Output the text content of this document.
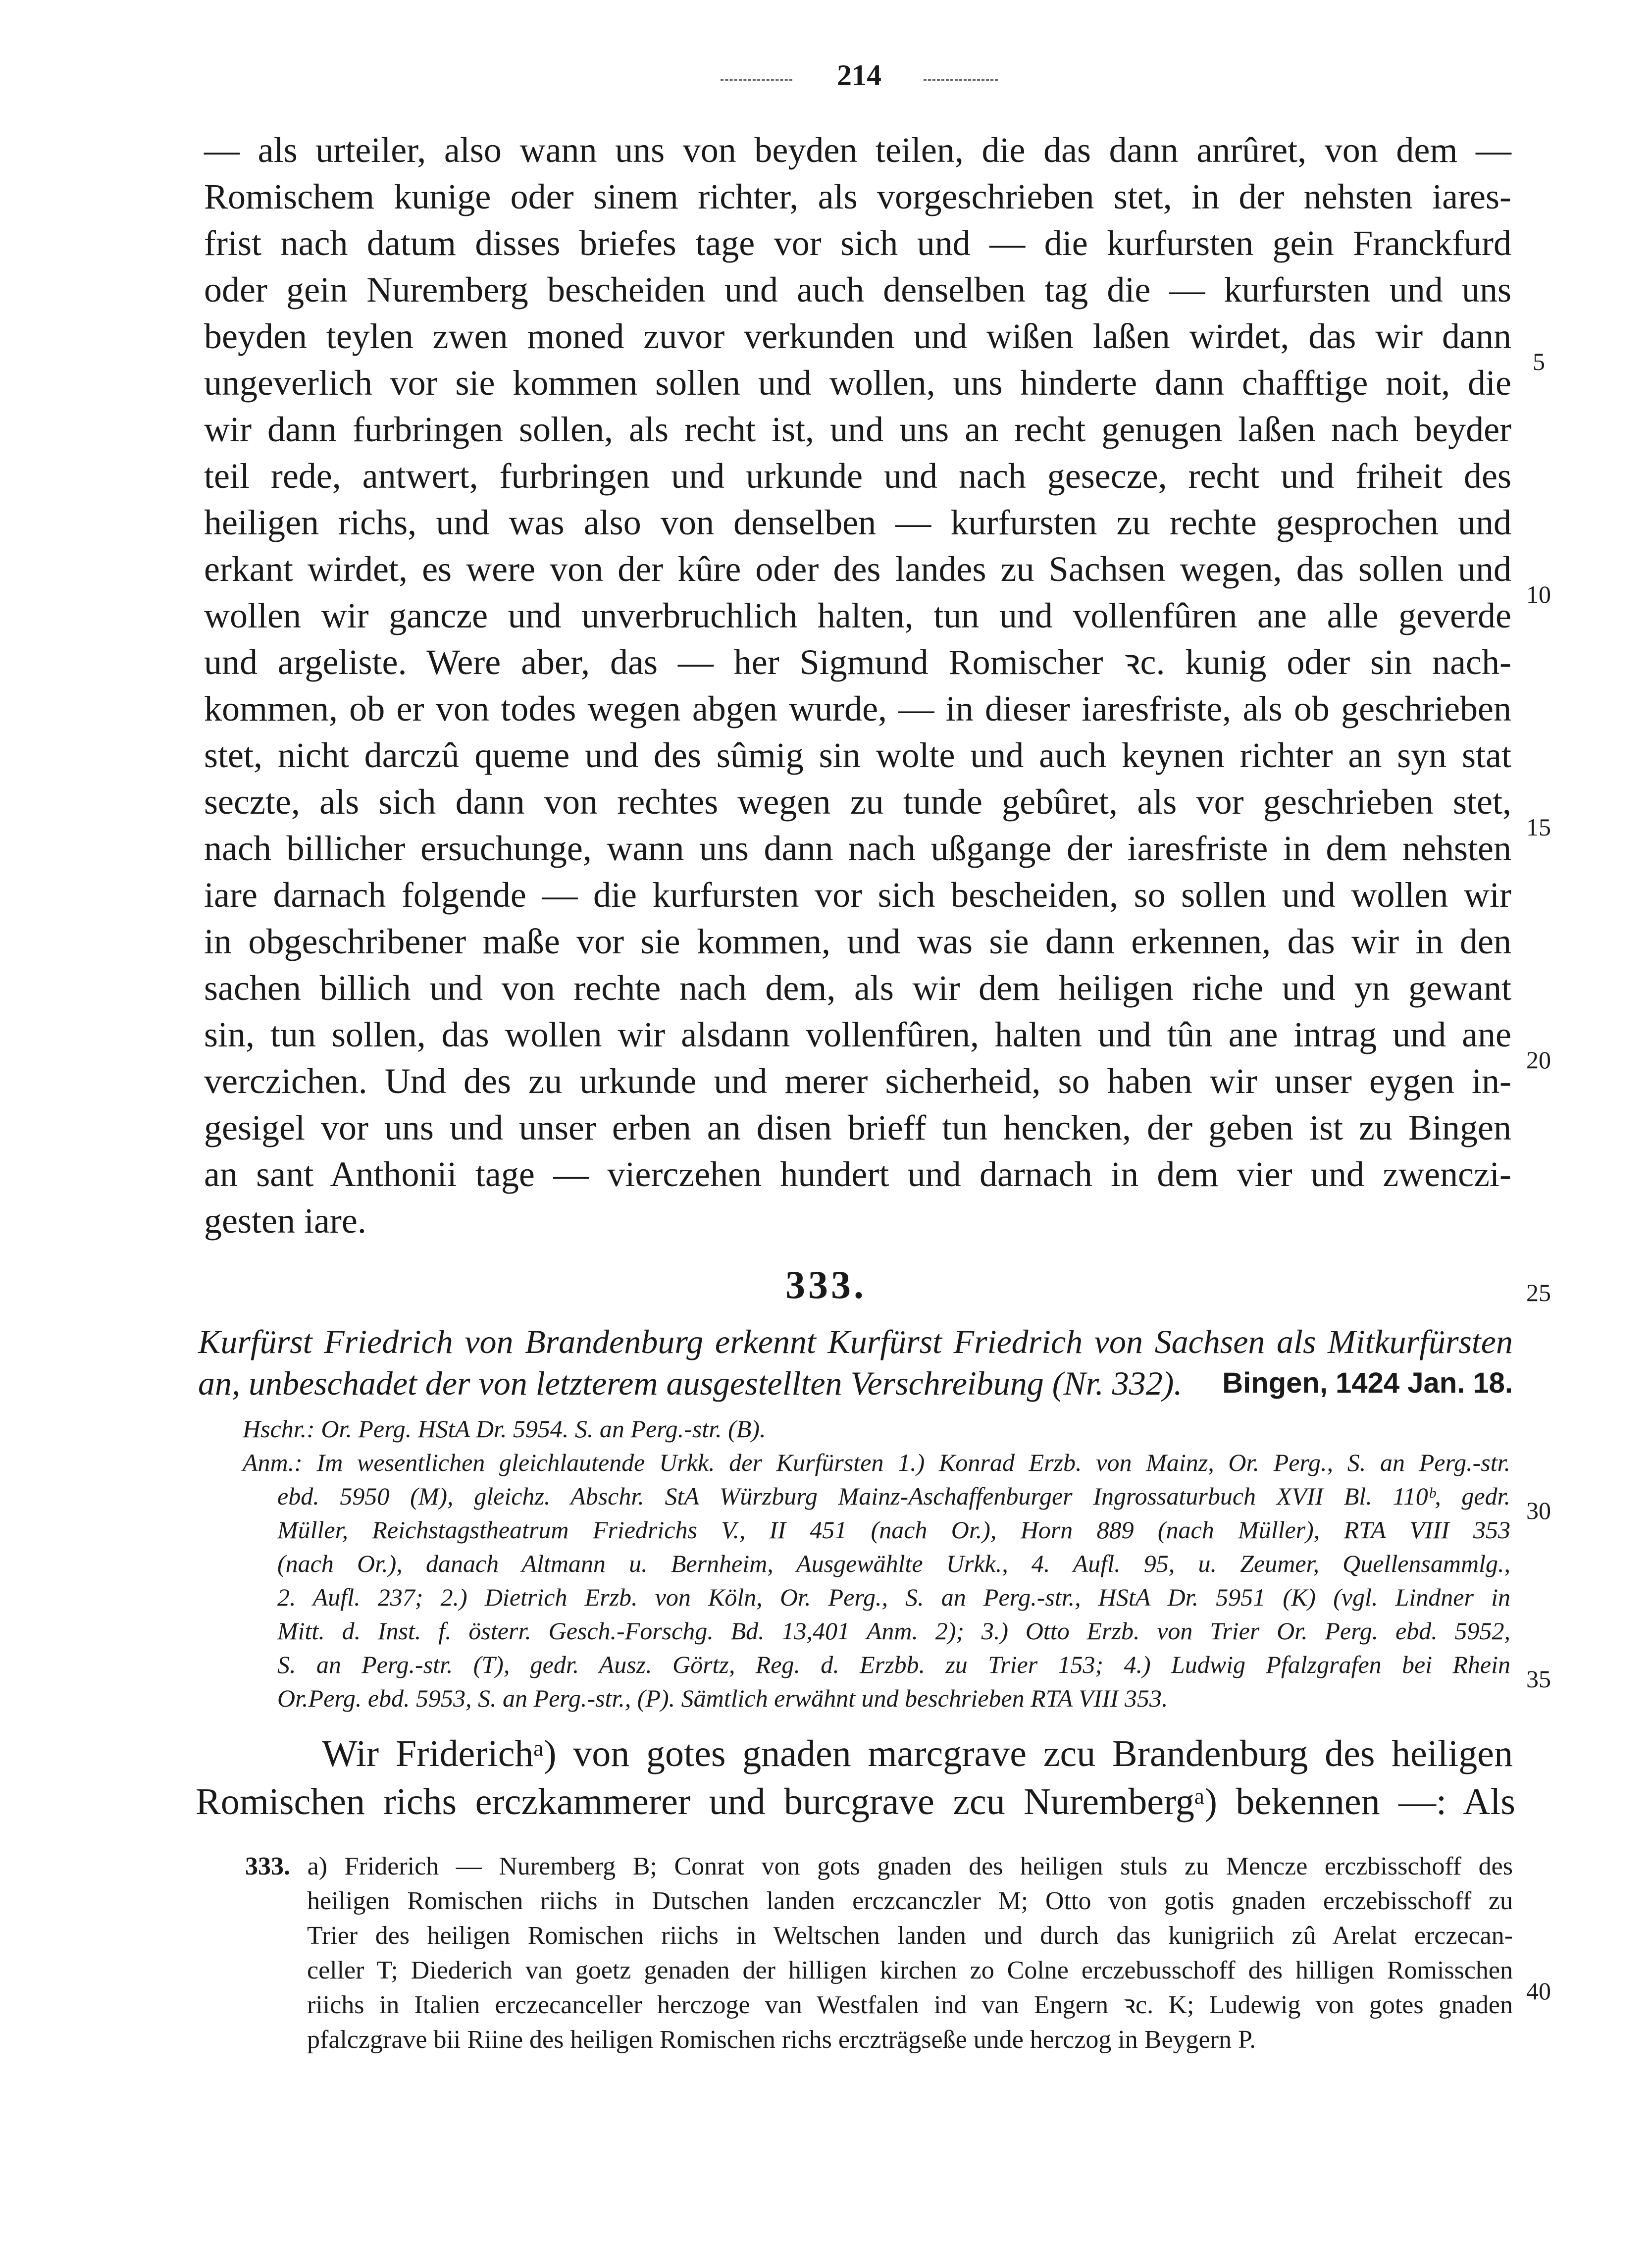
214
— als urteiler, also wann uns von beyden teilen, die das dann anrûret, von dem —
Romischem kunige oder sinem richter, als vorgeschrieben stet, in der nehsten iares-
frist nach datum disses briefes tage vor sich und — die kurfursten gein Franckfurd
oder gein Nuremberg bescheiden und auch denselben tag die — kurfursten und uns
beyden teylen zwen moned zuvor verkunden und wißen laßen wirdet, das wir dann
ungeverlich vor sie kommen sollen und wollen, uns hinderte dann chafftige noit, die
wir dann furbringen sollen, als recht ist, und uns an recht genugen laßen nach beyder
teil rede, antwert, furbringen und urkunde und nach gesecze, recht und friheit des
heiligen richs, und was also von denselben — kurfursten zu rechte gesprochen und
erkant wirdet, es were von der kûre oder des landes zu Sachsen wegen, das sollen und
wollen wir gancze und unverbruchlich halten, tun und vollenfûren ane alle geverde
und argeliste. Were aber, das — her Sigmund Romischer ꝛc. kunig oder sin nach-
kommen, ob er von todes wegen abgen wurde, — in dieser iaresfriste, als ob geschrieben
stet, nicht darczû queme und des sûmig sin wolte und auch keynen richter an syn stat
seczte, als sich dann von rechtes wegen zu tunde gebûret, als vor geschrieben stet,
nach billicher ersuchunge, wann uns dann nach ußgange der iaresfriste in dem nehsten
iare darnach folgende — die kurfursten vor sich bescheiden, so sollen und wollen wir
in obgeschribener maße vor sie kommen, und was sie dann erkennen, das wir in den
sachen billich und von rechte nach dem, als wir dem heiligen riche und yn gewant
sin, tun sollen, das wollen wir alsdann vollenfûren, halten und tûn ane intrag und ane
verczichen. Und des zu urkunde und merer sicherheid, so haben wir unser eygen in-
gesigel vor uns und unser erben an disen brieff tun hencken, der geben ist zu Bingen
an sant Anthonii tage — vierczehen hundert und darnach in dem vier und zwenczi-
gesten iare.
5
10
15
20
25
30
35
40
333.
Kurfürst Friedrich von Brandenburg erkennt Kurfürst Friedrich von Sachsen als Mitkurfürsten
an, unbeschadet der von letzterem ausgestellten Verschreibung (Nr. 332). Bingen, 1424 Jan. 18.
Hschr.: Or. Perg. HStA Dr. 5954. S. an Perg.-str. (B).
Anm.: Im wesentlichen gleichlautende Urkk. der Kurfürsten 1.) Konrad Erzb. von Mainz, Or. Perg., S. an Perg.-str.
ebd. 5950 (M), gleichz. Abschr. StA Würzburg Mainz-Aschaffenburger Ingrossaturbuch XVII Bl. 110ᵇ, gedr.
Müller, Reichstagstheatrum Friedrichs V., II 451 (nach Or.), Horn 889 (nach Müller), RTA VIII 353
(nach Or.), danach Altmann u. Bernheim, Ausgewählte Urkk., 4. Aufl. 95, u. Zeumer, Quellensammlg.,
2. Aufl. 237; 2.) Dietrich Erzb. von Köln, Or. Perg., S. an Perg.-str., HStA Dr. 5951 (K) (vgl. Lindner in
Mitt. d. Inst. f. österr. Gesch.-Forschg. Bd. 13,401 Anm. 2); 3.) Otto Erzb. von Trier Or. Perg. ebd. 5952,
S. an Perg.-str. (T), gedr. Ausz. Görtz, Reg. d. Erzbb. zu Trier 153; 4.) Ludwig Pfalzgrafen bei Rhein
Or.Perg. ebd. 5953, S. an Perg.-str., (P). Sämtlich erwähnt und beschrieben RTA VIII 353.
Wir Friderichᵃ) von gotes gnaden marcgrave zcu Brandenburg des heiligen
Romischen richs erczkammerer und burcgrave zcu Nurembergᵃ) bekennen —: Als
333. a) Friderich — Nuremberg B; Conrat von gots gnaden des heiligen stuls zu Mencze erczbisschoff des
heiligen Romischen riichs in Dutschen landen erczcanczler M; Otto von gotis gnaden erczebisschoff zu
Trier des heiligen Romischen riichs in Weltschen landen und durch das kunigriich zû Arelat erczecan-
celler T; Diederich van goetz genaden der hilligen kirchen zo Colne erczebusschoff des hilligen Romisschen
riichs in Italien erczecanceller herczoge van Westfalen ind van Engern ꝛc. K; Ludewig von gotes gnaden
pfalczgrave bii Riine des heiligen Romischen richs erczträgseße unde herczog in Beygern P.
